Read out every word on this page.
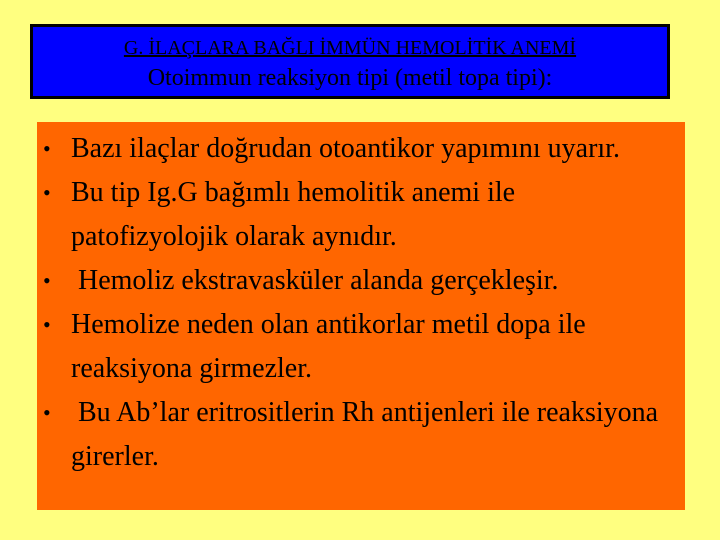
G. İLAÇLARA BAĞLI İMMÜN HEMOLİTİK ANEMİ
Otoimmun reaksiyon tipi (metil topa tipi):
• Bazı ilaçlar doğrudan otoantikor yapımını uyarır.
• Bu tip Ig.G bağımlı hemolitik anemi ile patofizyolojik olarak aynıdır.
• Hemoliz ekstravasküler alanda gerçekleşir.
• Hemolize neden olan antikorlar metil dopa ile reaksiyona girmezler.
• Bu Ab’lar eritrositlerin Rh antijenleri ile reaksiyona girerler.
